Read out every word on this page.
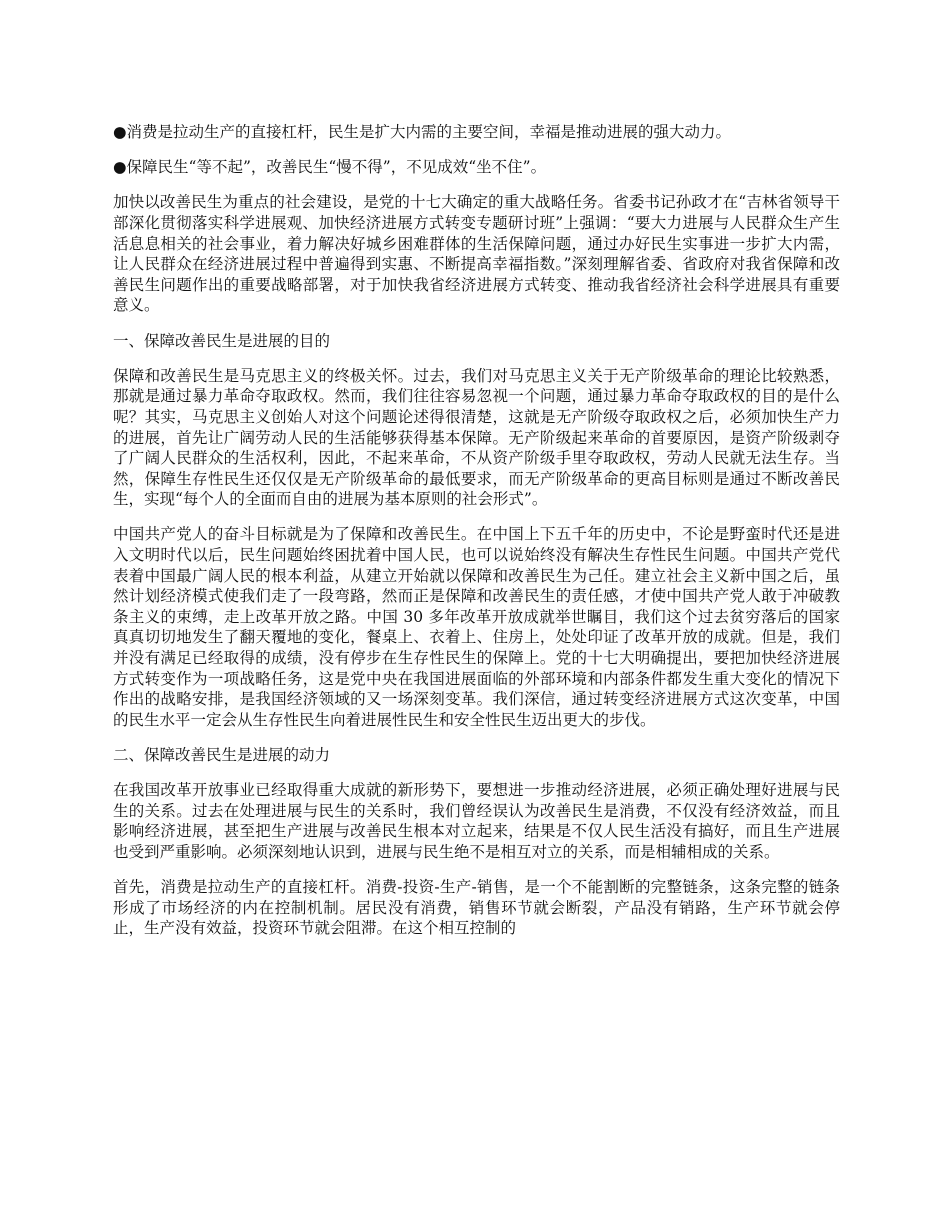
●消费是拉动生产的直接杠杆，民生是扩大内需的主要空间，幸福是推动进展的强大动力。

●保障民生“等不起”，改善民生“慢不得”，不见成效“坐不住”。

加快以改善民生为重点的社会建设，是党的十七大确定的重大战略任务。省委书记孙政才在“吉林省领导干部深化贯彻落实科学进展观、加快经济进展方式转变专题研讨班”上强调：“要大力进展与人民群众生产生活息息相关的社会事业，着力解决好城乡困难群体的生活保障问题，通过办好民生实事进一步扩大内需，让人民群众在经济进展过程中普遍得到实惠、不断提高幸福指数。”深刻理解省委、省政府对我省保障和改善民生问题作出的重要战略部署，对于加快我省经济进展方式转变、推动我省经济社会科学进展具有重要意义。

一、保障改善民生是进展的目的

保障和改善民生是马克思主义的终极关怀。过去，我们对马克思主义关于无产阶级革命的理论比较熟悉，那就是通过暴力革命夺取政权。然而，我们往往容易忽视一个问题，通过暴力革命夺取政权的目的是什么呢？其实，马克思主义创始人对这个问题论述得很清楚，这就是无产阶级夺取政权之后，必须加快生产力的进展，首先让广阔劳动人民的生活能够获得基本保障。无产阶级起来革命的首要原因，是资产阶级剥夺了广阔人民群众的生活权利，因此，不起来革命，不从资产阶级手里夺取政权，劳动人民就无法生存。当然，保障生存性民生还仅仅是无产阶级革命的最低要求，而无产阶级革命的更高目标则是通过不断改善民生，实现“每个人的全面而自由的进展为基本原则的社会形式”。

中国共产党人的奋斗目标就是为了保障和改善民生。在中国上下五千年的历史中，不论是野蛮时代还是进入文明时代以后，民生问题始终困扰着中国人民，也可以说始终没有解决生存性民生问题。中国共产党代表着中国最广阔人民的根本利益，从建立开始就以保障和改善民生为己任。建立社会主义新中国之后，虽然计划经济模式使我们走了一段弯路，然而正是保障和改善民生的责任感，才使中国共产党人敢于冲破教条主义的束缚，走上改革开放之路。中国 30 多年改革开放成就举世瞩目，我们这个过去贫穷落后的国家真真切切地发生了翻天覆地的变化，餐桌上、衣着上、住房上，处处印证了改革开放的成就。但是，我们并没有满足已经取得的成绩，没有停步在生存性民生的保障上。党的十七大明确提出，要把加快经济进展方式转变作为一项战略任务，这是党中央在我国进展面临的外部环境和内部条件都发生重大变化的情况下作出的战略安排，是我国经济领域的又一场深刻变革。我们深信，通过转变经济进展方式这次变革，中国的民生水平一定会从生存性民生向着进展性民生和安全性民生迈出更大的步伐。

二、保障改善民生是进展的动力

在我国改革开放事业已经取得重大成就的新形势下，要想进一步推动经济进展，必须正确处理好进展与民生的关系。过去在处理进展与民生的关系时，我们曾经误认为改善民生是消费，不仅没有经济效益，而且影响经济进展，甚至把生产进展与改善民生根本对立起来，结果是不仅人民生活没有搞好，而且生产进展也受到严重影响。必须深刻地认识到，进展与民生绝不是相互对立的关系，而是相辅相成的关系。

首先，消费是拉动生产的直接杠杆。消费-投资-生产-销售，是一个不能割断的完整链条，这条完整的链条形成了市场经济的内在控制机制。居民没有消费，销售环节就会断裂，产品没有销路，生产环节就会停止，生产没有效益，投资环节就会阻滞。在这个相互控制的
